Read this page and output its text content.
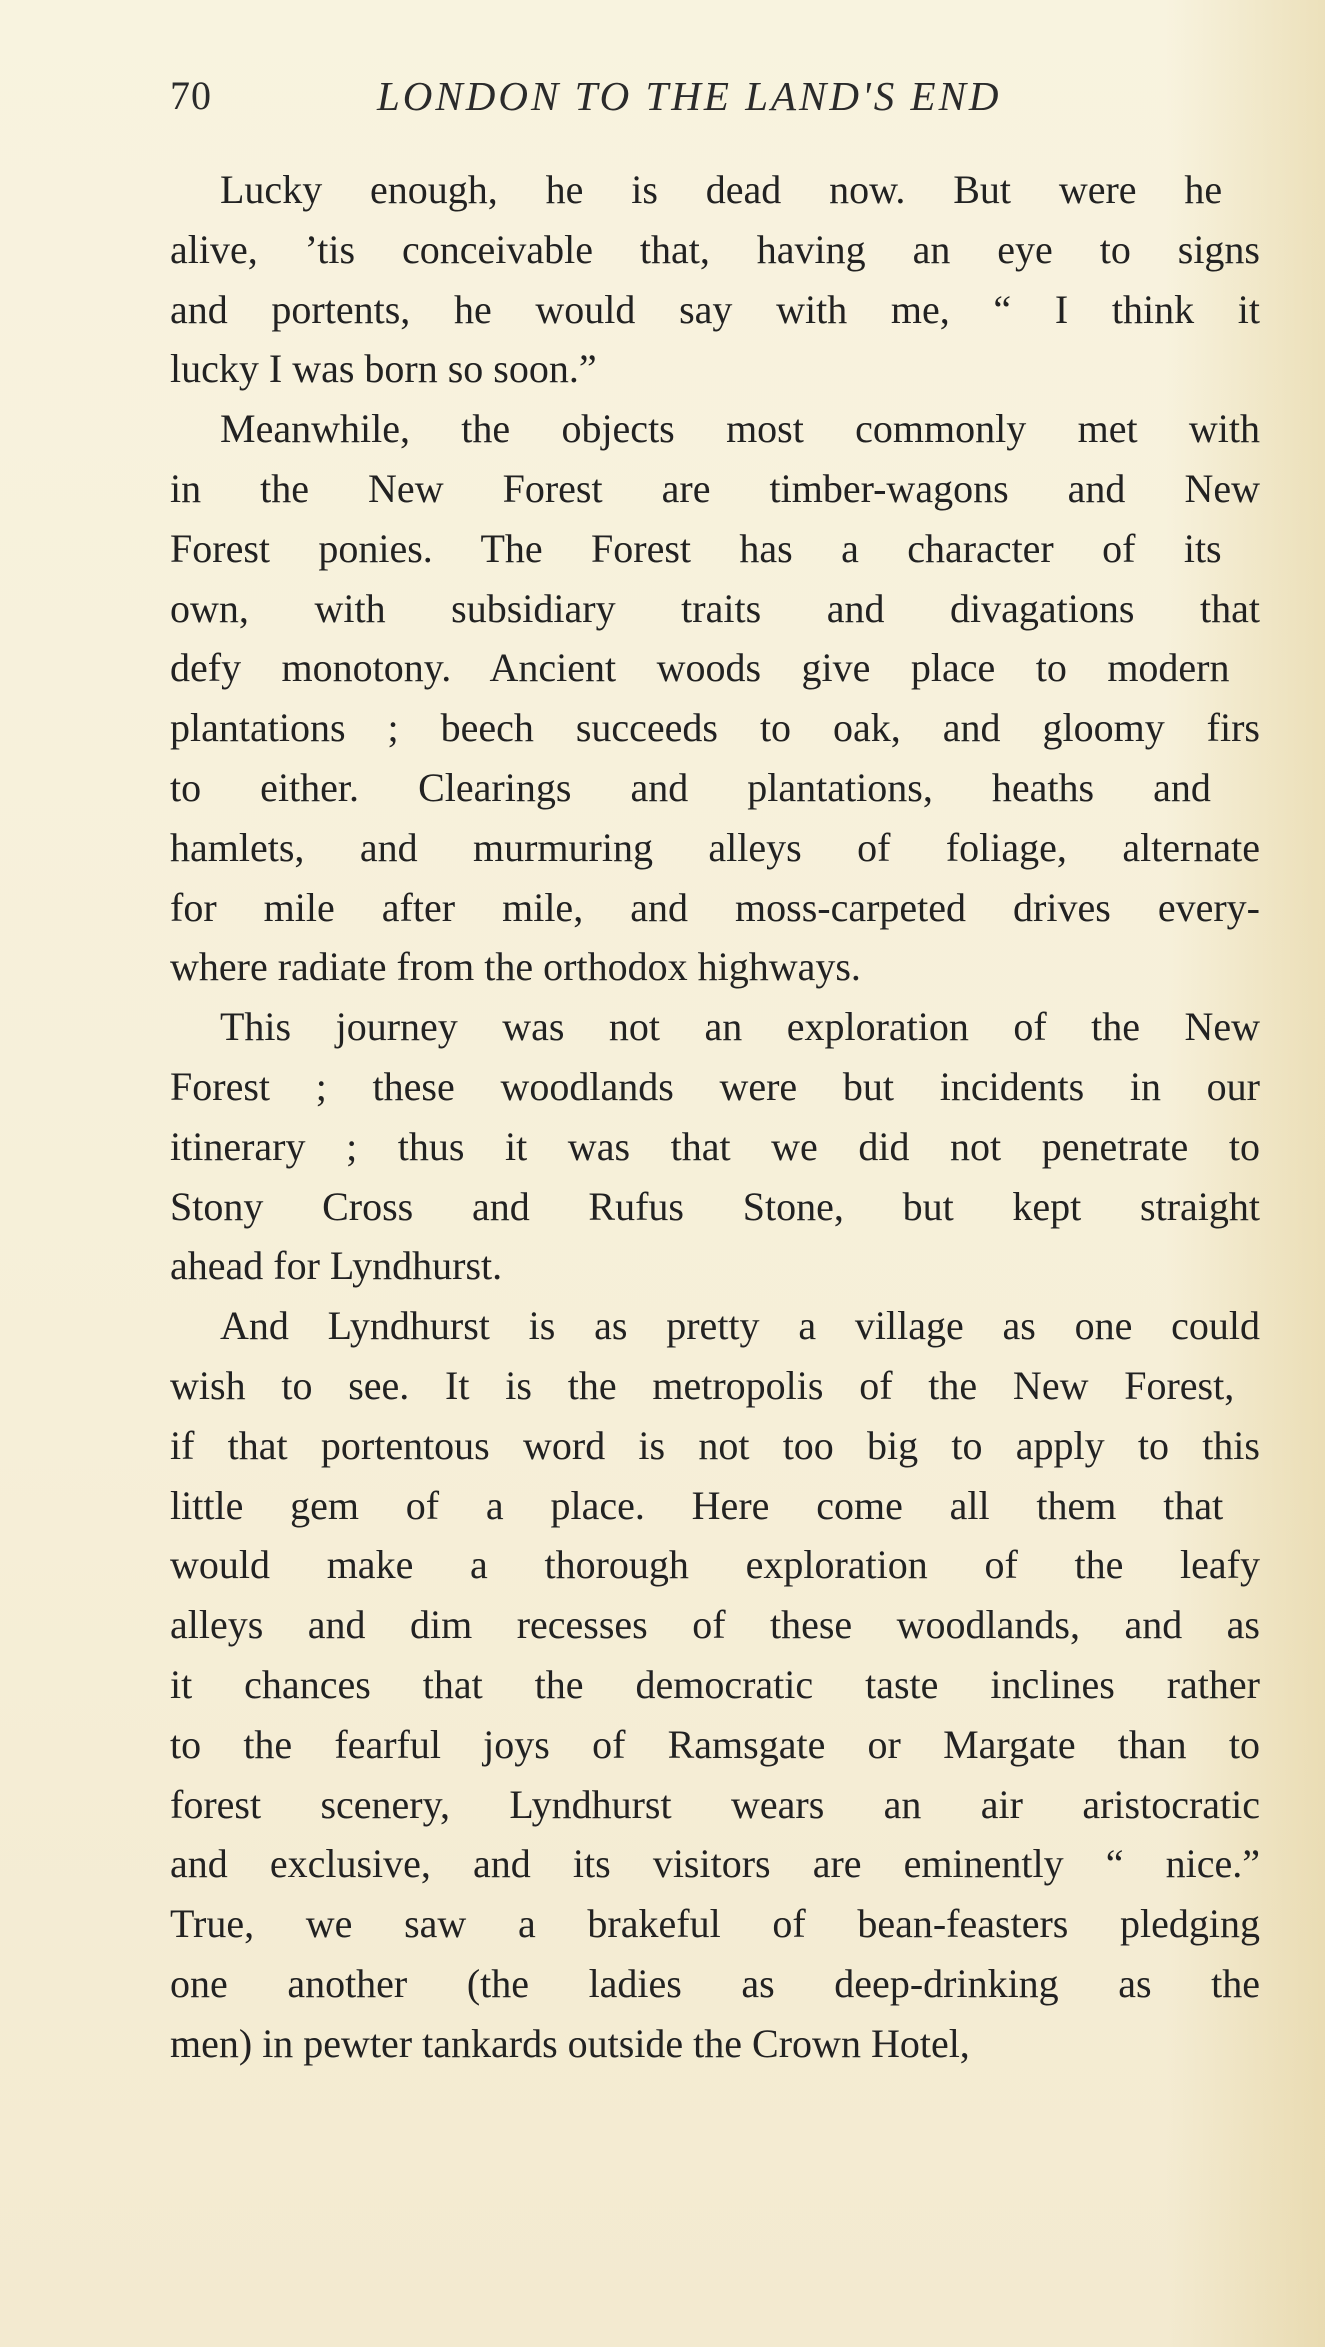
70	LONDON TO THE LAND'S END
Lucky enough, he is dead now. But were he
alive, ’tis conceivable that, having an eye to signs
and portents, he would say with me, “ I think it
lucky I was born so soon.”
Meanwhile, the objects most commonly met with
in the New Forest are timber-wagons and New
Forest ponies. The Forest has a character of its
own, with subsidiary traits and divagations that
defy monotony. Ancient woods give place to modern
plantations ; beech succeeds to oak, and gloomy firs
to either. Clearings and plantations, heaths and
hamlets, and murmuring alleys of foliage, alternate
for mile after mile, and moss-carpeted drives every-
where radiate from the orthodox highways.
This journey was not an exploration of the New
Forest ; these woodlands were but incidents in our
itinerary ; thus it was that we did not penetrate to
Stony Cross and Rufus Stone, but kept straight
ahead for Lyndhurst.
And Lyndhurst is as pretty a village as one could
wish to see. It is the metropolis of the New Forest,
if that portentous word is not too big to apply to this
little gem of a place. Here come all them that
would make a thorough exploration of the leafy
alleys and dim recesses of these woodlands, and as
it chances that the democratic taste inclines rather
to the fearful joys of Ramsgate or Margate than to
forest scenery, Lyndhurst wears an air aristocratic
and exclusive, and its visitors are eminently “ nice.”
True, we saw a brakeful of bean-feasters pledging
one another (the ladies as deep-drinking as the
men) in pewter tankards outside the Crown Hotel,
